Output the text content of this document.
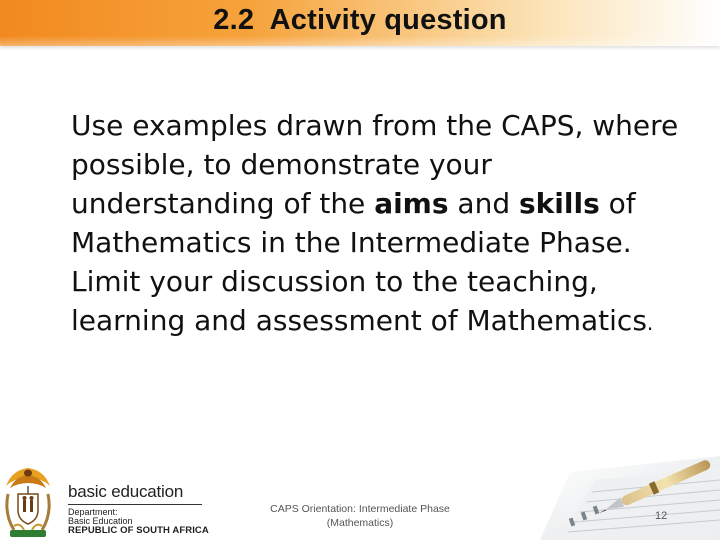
2.2  Activity question
Use examples drawn from the CAPS, where possible, to demonstrate your understanding of the aims and skills of Mathematics in the Intermediate Phase. Limit your discussion to the teaching, learning and assessment of Mathematics.
basic education
Department:
Basic Education
REPUBLIC OF SOUTH AFRICA
CAPS Orientation: Intermediate Phase (Mathematics)
12
